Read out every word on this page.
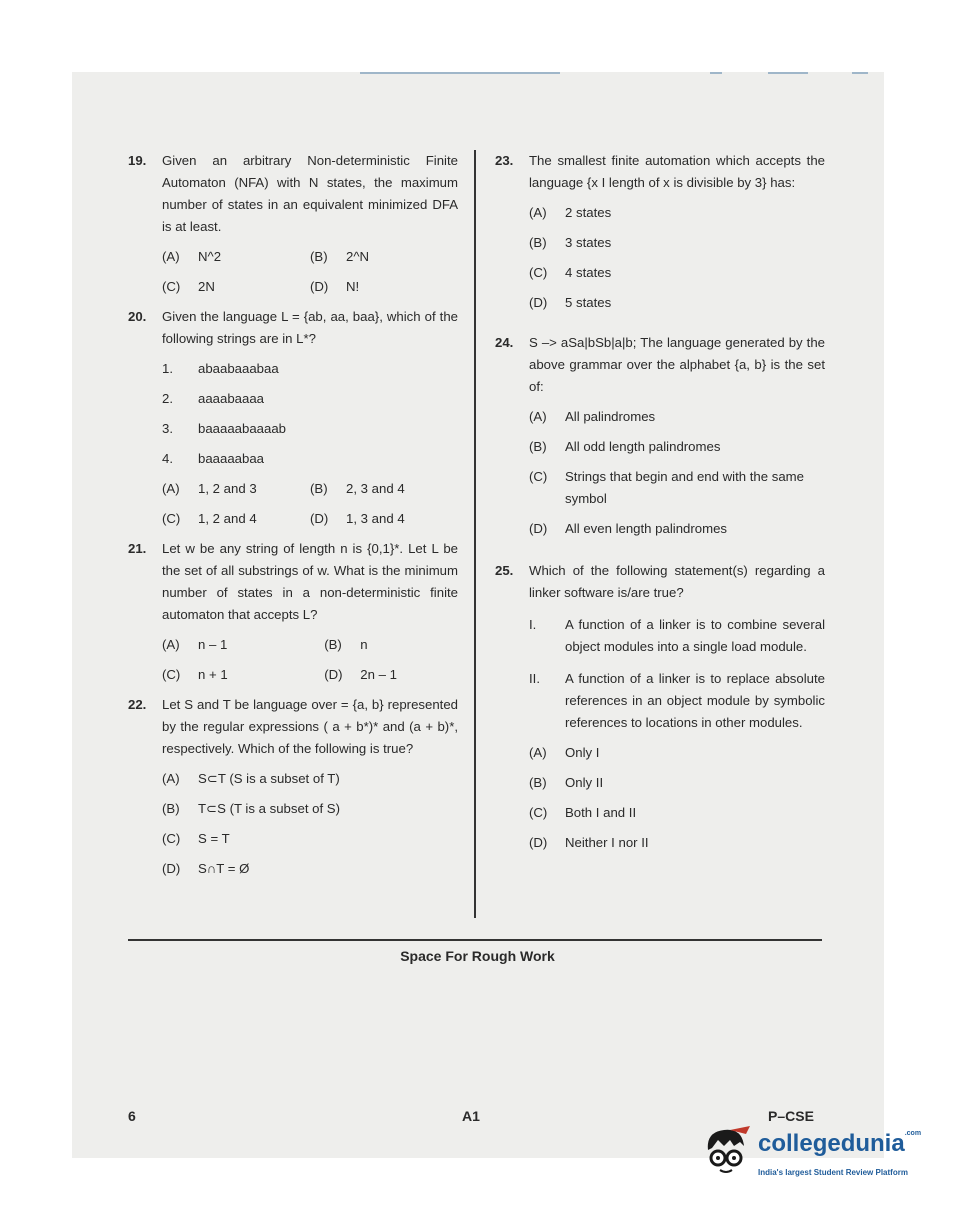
19.	Given an arbitrary Non-deterministic Finite Automaton (NFA) with N states, the maximum number of states in an equivalent minimized DFA is at least.
(A)	N^2	(B)	2^N
(C)	2N	(D)	N!
20.	Given the language L = {ab, aa, baa}, which of the following strings are in L*?
1.	abaabaaabaa
2.	aaaabaaaa
3.	baaaaabaaaab
4.	baaaaabaa
(A)	1, 2 and 3	(B)	2, 3 and 4
(C)	1, 2 and 4	(D)	1, 3 and 4
21.	Let w be any string of length n is {0,1}*. Let L be the set of all substrings of w. What is the minimum number of states in a non-deterministic finite automaton that accepts L?
(A)	n – 1	(B)	n
(C)	n + 1	(D)	2n – 1
22.	Let S and T be language over = {a, b} represented by the regular expressions ( a + b*)* and (a + b)*, respectively. Which of the following is true?
(A)	S⊂T (S is a subset of T)
(B)	T⊂S (T is a subset of S)
(C)	S = T
(D)	S∩T = Ø
23.	The smallest finite automation which accepts the language {x I length of x is divisible by 3} has:
(A)	2 states
(B)	3 states
(C)	4 states
(D)	5 states
24.	S –> aSa|bSb|a|b; The language generated by the above grammar over the alphabet {a, b} is the set of:
(A)	All palindromes
(B)	All odd length palindromes
(C)	Strings that begin and end with the same symbol
(D)	All even length palindromes
25.	Which of the following statement(s) regarding a linker software is/are true?
I.	A function of a linker is to combine several object modules into a single load module.
II.	A function of a linker is to replace absolute references in an object module by symbolic references to locations in other modules.
(A)	Only I
(B)	Only II
(C)	Both I and II
(D)	Neither I nor II
Space For Rough Work
6	A1	P–CSE
collegedunia$^{.com}$
India's largest Student Review Platform
